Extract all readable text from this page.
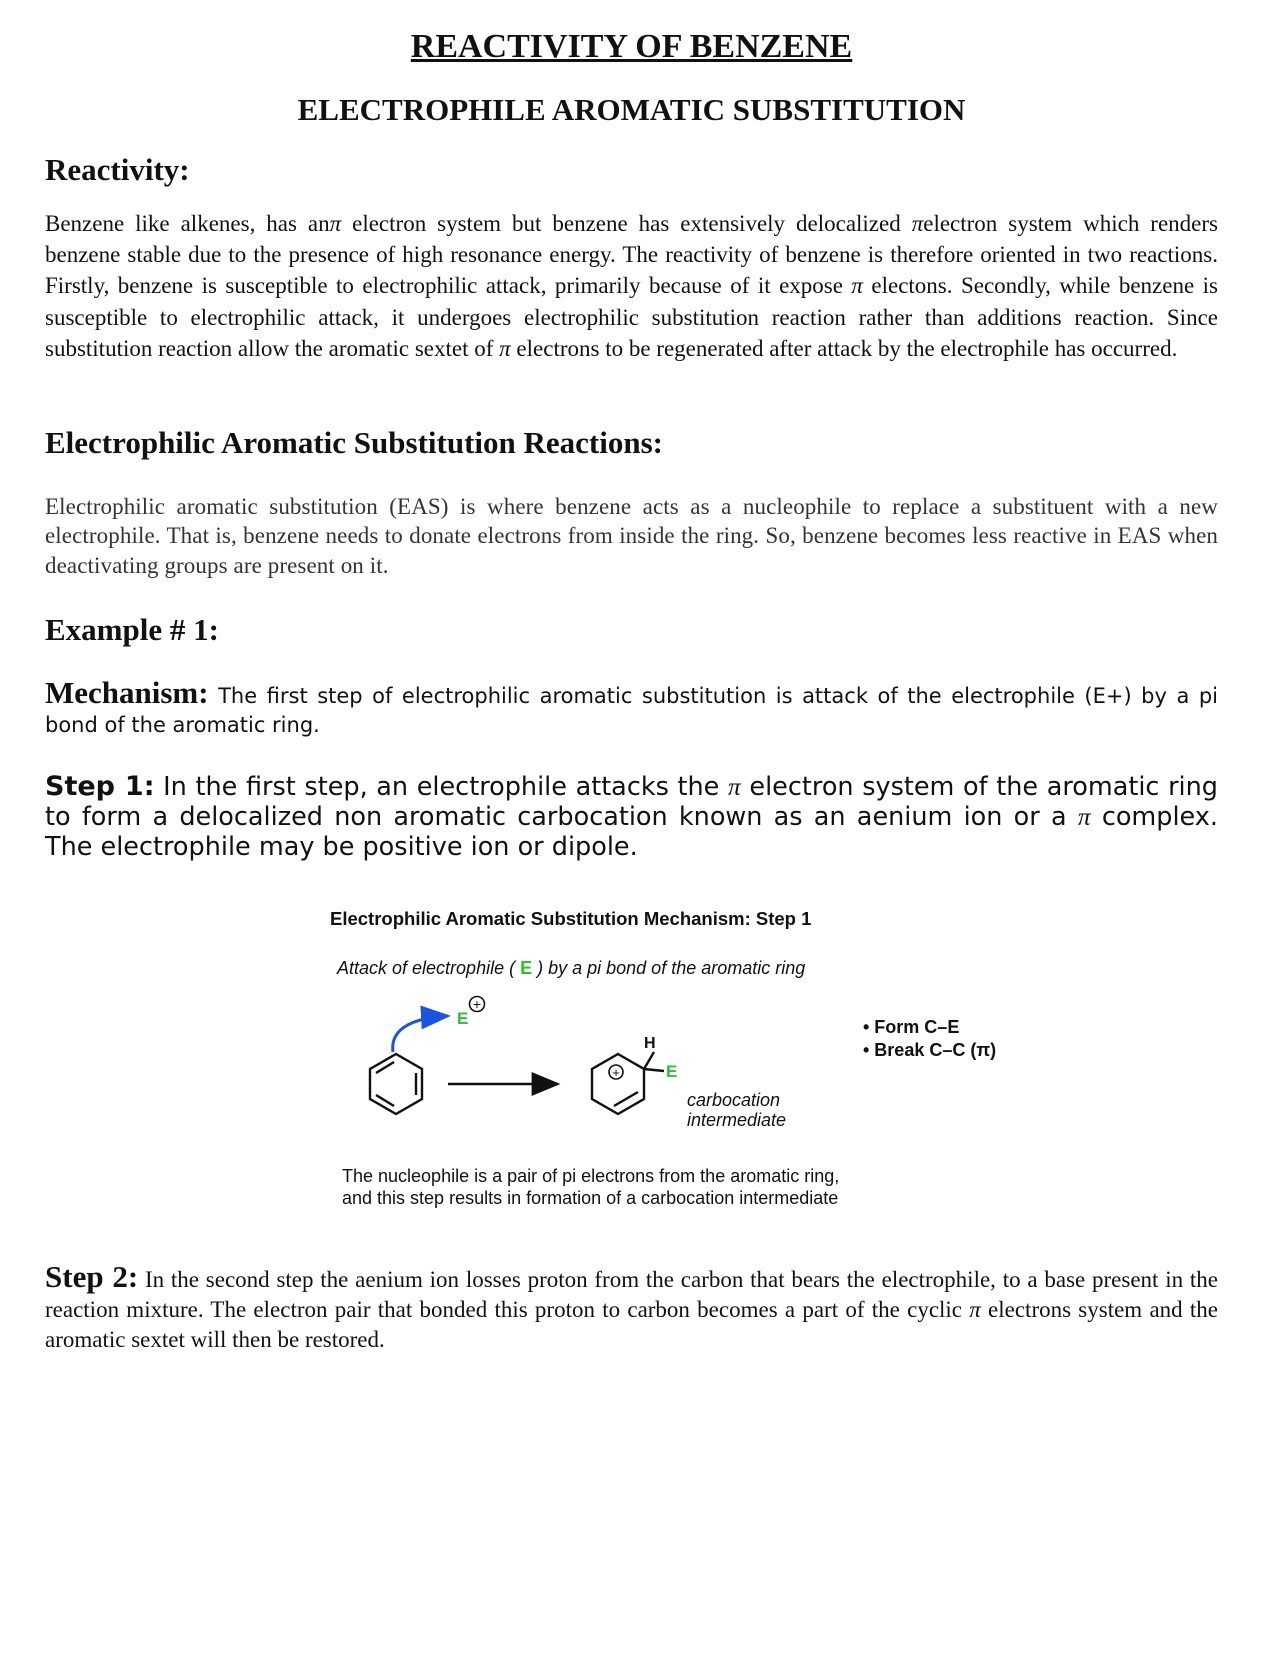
REACTIVITY OF BENZENE
ELECTROPHILE AROMATIC SUBSTITUTION
Reactivity:

Benzene like alkenes, has anπ electron system but benzene has extensively delocalized πelectron system which renders benzene stable due to the presence of high resonance energy. The reactivity of benzene is therefore oriented in two reactions. Firstly, benzene is susceptible to electrophilic attack, primarily because of it expose π electons. Secondly, while benzene is susceptible to electrophilic attack, it undergoes electrophilic substitution reaction rather than additions reaction. Since substitution reaction allow the aromatic sextet of π electrons to be regenerated after attack by the electrophile has occurred.

Electrophilic Aromatic Substitution Reactions:

Electrophilic aromatic substitution (EAS) is where benzene acts as a nucleophile to replace a substituent with a new electrophile. That is, benzene needs to donate electrons from inside the ring. So, benzene becomes less reactive in EAS when deactivating groups are present on it.

Example # 1:

Mechanism: The first step of electrophilic aromatic substitution is attack of the electrophile (E+) by a pi bond of the aromatic ring.

Step 1: In the first step, an electrophile attacks the π electron system of the aromatic ring to form a delocalized non aromatic carbocation known as an aenium ion or a π complex. The electrophile may be positive ion or dipole.

Electrophilic Aromatic Substitution Mechanism: Step 1
Attack of electrophile ( E ) by a pi bond of the aromatic ring
E
+
+
H
E
carbocation
intermediate
• Form C–E
• Break C–C (π)
The nucleophile is a pair of pi electrons from the aromatic ring,
and this step results in formation of a carbocation intermediate

Step 2: In the second step the aenium ion losses proton from the carbon that bears the electrophile, to a base present in the reaction mixture. The electron pair that bonded this proton to carbon becomes a part of the cyclic π electrons system and the aromatic sextet will then be restored.
